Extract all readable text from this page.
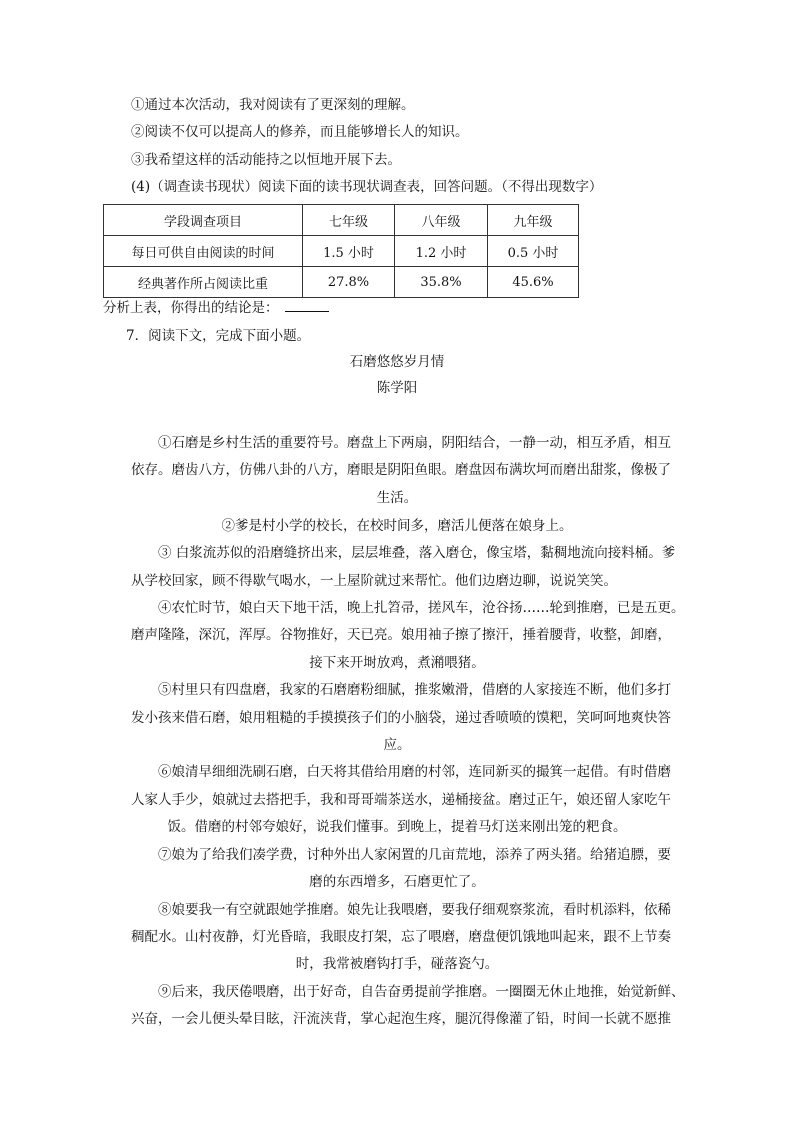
①通过本次活动，我对阅读有了更深刻的理解。
②阅读不仅可以提高人的修养，而且能够增长人的知识。
③我希望这样的活动能持之以恒地开展下去。
(4)（调查读书现状）阅读下面的读书现状调查表，回答问题。（不得出现数字）
学段调查项目	七年级	八年级	九年级
每日可供自由阅读的时间	1.5 小时	1.2 小时	0.5 小时
经典著作所占阅读比重	27.8%	35.8%	45.6%
分析上表，你得出的结论是：
7．阅读下文，完成下面小题。
石磨悠悠岁月情
陈学阳
①石磨是乡村生活的重要符号。磨盘上下两扇，阴阳结合，一静一动，相互矛盾，相互
依存。磨齿八方，仿佛八卦的八方，磨眼是阴阳鱼眼。磨盘因布满坎坷而磨出甜浆，像极了
生活。
②爹是村小学的校长，在校时间多，磨活儿便落在娘身上。
③ 白浆流苏似的沿磨缝挤出来，层层堆叠，落入磨仓，像宝塔，黏稠地流向接料桶。爹
从学校回家，顾不得歇气喝水，一上屋阶就过来帮忙。他们边磨边聊，说说笑笑。
④农忙时节，娘白天下地干活，晚上扎笤帚，搓风车，沧谷扬……轮到推磨，已是五更。
磨声隆隆，深沉，浑厚。谷物推好，天已亮。娘用袖子擦了擦汗，捶着腰背，收整，卸磨，
接下来开埘放鸡，煮潲喂猪。
⑤村里只有四盘磨，我家的石磨磨粉细腻，推浆嫩滑，借磨的人家接连不断，他们多打
发小孩来借石磨，娘用粗糙的手摸摸孩子们的小脑袋，递过香喷喷的馍粑，笑呵呵地爽快答
应。
⑥娘清早细细洗刷石磨，白天将其借给用磨的村邻，连同新买的撮箕一起借。有时借磨
人家人手少，娘就过去搭把手，我和哥哥端茶送水，递桶接盆。磨过正午，娘还留人家吃午
饭。借磨的村邻夸娘好，说我们懂事。到晚上，提着马灯送来刚出笼的粑食。
⑦娘为了给我们凑学费，讨种外出人家闲置的几亩荒地，添养了两头猪。给猪追膘，要
磨的东西增多，石磨更忙了。
⑧娘要我一有空就跟她学推磨。娘先让我喂磨，要我仔细观察浆流，看时机添料，依稀
稠配水。山村夜静，灯光昏暗，我眼皮打架，忘了喂磨，磨盘便饥饿地叫起来，跟不上节奏
时，我常被磨钩打手，碰落瓷勺。
⑨后来，我厌倦喂磨，出于好奇，自告奋勇提前学推磨。一圈圈无休止地推，始觉新鲜、
兴奋，一会儿便头晕目眩，汗流浃背，掌心起泡生疼，腿沉得像灌了铅，时间一长就不愿推
